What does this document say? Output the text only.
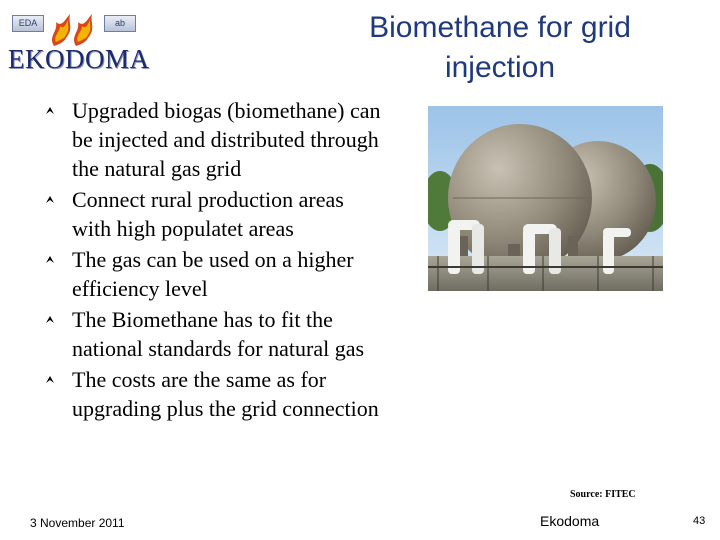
EDA	ab
EKODOMA
Biomethane for grid injection
Upgraded biogas (biomethane) can be injected and distributed through the natural gas grid
Connect rural production areas with high populatet areas
The gas can be used on a higher efficiency level
The Biomethane has to fit the national standards for natural gas
The costs are the same as for upgrading plus the grid connection
Source: FITEC
3 November 2011	Ekodoma	43
